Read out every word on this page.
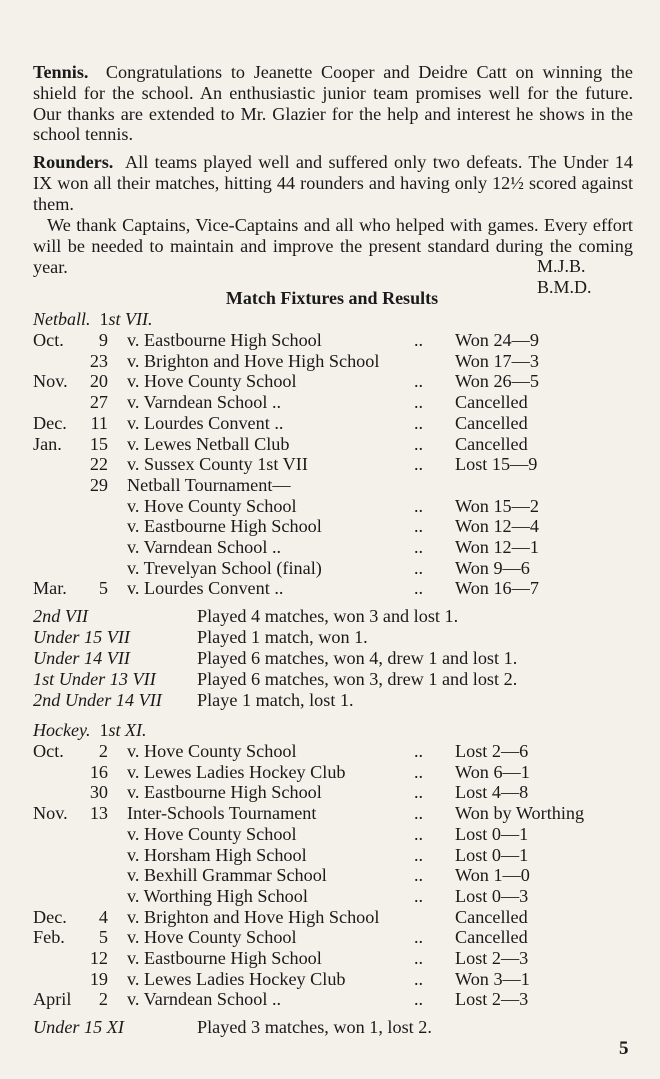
Tennis. Congratulations to Jeanette Cooper and Deidre Catt on winning the shield for the school. An enthusiastic junior team promises well for the future. Our thanks are extended to Mr. Glazier for the help and interest he shows in the school tennis.
Rounders. All teams played well and suffered only two defeats. The Under 14 IX won all their matches, hitting 44 rounders and having only 12½ scored against them.
We thank Captains, Vice-Captains and all who helped with games. Every effort will be needed to maintain and improve the present standard during the coming year.	M.J.B.
B.M.D.
Match Fixtures and Results
Netball. 1st VII.
Oct.	9 v. Eastbourne High School	.. Won 24—9
23 v. Brighton and Hove High School	Won 17—3
Nov.	20 v. Hove County School	.. Won 26—5
27 v. Varndean School ..	.. Cancelled
Dec.	11 v. Lourdes Convent ..	.. Cancelled
Jan.	15 v. Lewes Netball Club	.. Cancelled
22 v. Sussex County 1st VII	.. Lost 15—9
29 Netball Tournament—
v. Hove County School	.. Won 15—2
v. Eastbourne High School	.. Won 12—4
v. Varndean School ..	.. Won 12—1
v. Trevelyan School (final)	.. Won 9—6
Mar.	5 v. Lourdes Convent ..	.. Won 16—7
2nd VII	Played 4 matches, won 3 and lost 1.
Under 15 VII	Played 1 match, won 1.
Under 14 VII	Played 6 matches, won 4, drew 1 and lost 1.
1st Under 13 VII Played 6 matches, won 3, drew 1 and lost 2.
2nd Under 14 VII Playe 1 match, lost 1.
Hockey. 1st XI.
Oct.	2 v. Hove County School	.. Lost 2—6
16 v. Lewes Ladies Hockey Club	.. Won 6—1
30 v. Eastbourne High School	.. Lost 4—8
Nov.	13 Inter-Schools Tournament	.. Won by Worthing
v. Hove County School	.. Lost 0—1
v. Horsham High School	.. Lost 0—1
v. Bexhill Grammar School	.. Won 1—0
v. Worthing High School	.. Lost 0—3
Dec.	4 v. Brighton and Hove High School	Cancelled
Feb.	5 v. Hove County School	.. Cancelled
12 v. Eastbourne High School	.. Lost 2—3
19 v. Lewes Ladies Hockey Club	.. Won 3—1
April	2 v. Varndean School ..	.. Lost 2—3
Under 15 XI	Played 3 matches, won 1, lost 2.
5
